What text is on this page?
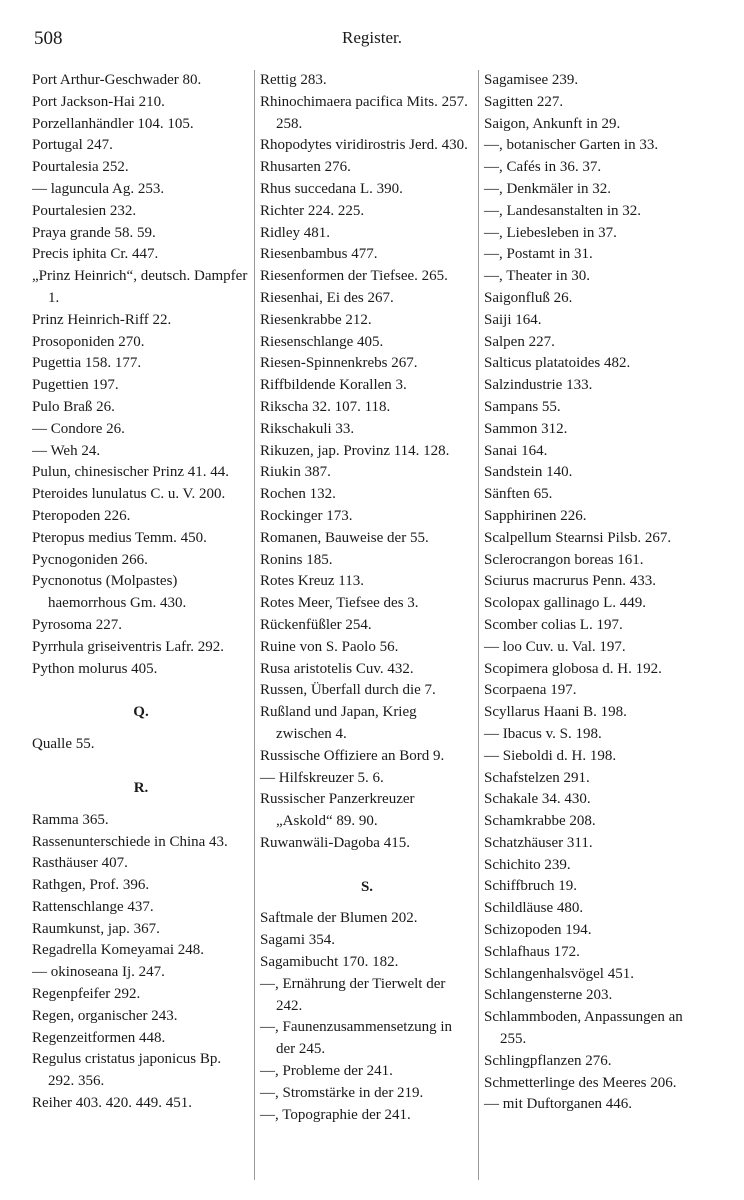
508	Register.
Port Arthur-Geschwader 80.
Port Jackson-Hai 210.
Porzellanhändler 104. 105.
Portugal 247.
Pourtalesia 252.
— laguncula Ag. 253.
Pourtalesien 232.
Praya grande 58. 59.
Precis iphita Cr. 447.
„Prinz Heinrich“, deutsch. Dampfer 1.
Prinz Heinrich-Riff 22.
Prosoponiden 270.
Pugettia 158. 177.
Pugettien 197.
Pulo Braß 26.
— Condore 26.
— Weh 24.
Pulun, chinesischer Prinz 41. 44.
Pteroides lunulatus C. u. V. 200.
Pteropoden 226.
Pteropus medius Temm. 450.
Pycnogoniden 266.
Pycnonotus (Molpastes) haemorrhous Gm. 430.
Pyrosoma 227.
Pyrrhula griseiventris Lafr. 292.
Python molurus 405.
Q.
Qualle 55.
R.
Ramma 365.
Rassenunterschiede in China 43.
Rasthäuser 407.
Rathgen, Prof. 396.
Rattenschlange 437.
Raumkunst, jap. 367.
Regadrella Komeyamai 248.
— okinoseana Ij. 247.
Regenpfeifer 292.
Regen, organischer 243.
Regenzeitformen 448.
Regulus cristatus japonicus Bp. 292. 356.
Reiher 403. 420. 449. 451.
Rettig 283.
Rhinochimaera pacifica Mits. 257. 258.
Rhopodytes viridirostris Jerd. 430.
Rhusarten 276.
Rhus succedana L. 390.
Richter 224. 225.
Ridley 481.
Riesenbambus 477.
Riesenformen der Tiefsee. 265.
Riesenhai, Ei des 267.
Riesenkrabbe 212.
Riesenschlange 405.
Riesen-Spinnenkrebs 267.
Riffbildende Korallen 3.
Rikscha 32. 107. 118.
Rikschakuli 33.
Rikuzen, jap. Provinz 114. 128.
Riukin 387.
Rochen 132.
Rockinger 173.
Romanen, Bauweise der 55.
Ronins 185.
Rotes Kreuz 113.
Rotes Meer, Tiefsee des 3.
Rückenfüßler 254.
Ruine von S. Paolo 56.
Rusa aristotelis Cuv. 432.
Russen, Überfall durch die 7.
Rußland und Japan, Krieg zwischen 4.
Russische Offiziere an Bord 9.
— Hilfskreuzer 5. 6.
Russischer Panzerkreuzer „Askold“ 89. 90.
Ruwanwäli-Dagoba 415.
S.
Saftmale der Blumen 202.
Sagami 354.
Sagamibucht 170. 182.
—, Ernährung der Tierwelt der 242.
—, Faunenzusammensetzung in der 245.
—, Probleme der 241.
—, Stromstärke in der 219.
—, Topographie der 241.
Sagamisee 239.
Sagitten 227.
Saigon, Ankunft in 29.
—, botanischer Garten in 33.
—, Cafés in 36. 37.
—, Denkmäler in 32.
—, Landesanstalten in 32.
—, Liebesleben in 37.
—, Postamt in 31.
—, Theater in 30.
Saigonfluß 26.
Saiji 164.
Salpen 227.
Salticus platatoides 482.
Salzindustrie 133.
Sampans 55.
Sammon 312.
Sanai 164.
Sandstein 140.
Sänften 65.
Sapphirinen 226.
Scalpellum Stearnsi Pilsb. 267.
Sclerocrangon boreas 161.
Sciurus macrurus Penn. 433.
Scolopax gallinago L. 449.
Scomber colias L. 197.
— loo Cuv. u. Val. 197.
Scopimera globosa d. H. 192.
Scorpaena 197.
Scyllarus Haani B. 198.
— Ibacus v. S. 198.
— Sieboldi d. H. 198.
Schafstelzen 291.
Schakale 34. 430.
Schamkrabbe 208.
Schatzhäuser 311.
Schichito 239.
Schiffbruch 19.
Schildläuse 480.
Schizopoden 194.
Schlafhaus 172.
Schlangenhalsvögel 451.
Schlangensterne 203.
Schlammboden, Anpassungen an 255.
Schlingpflanzen 276.
Schmetterlinge des Meeres 206.
— mit Duftorganen 446.
